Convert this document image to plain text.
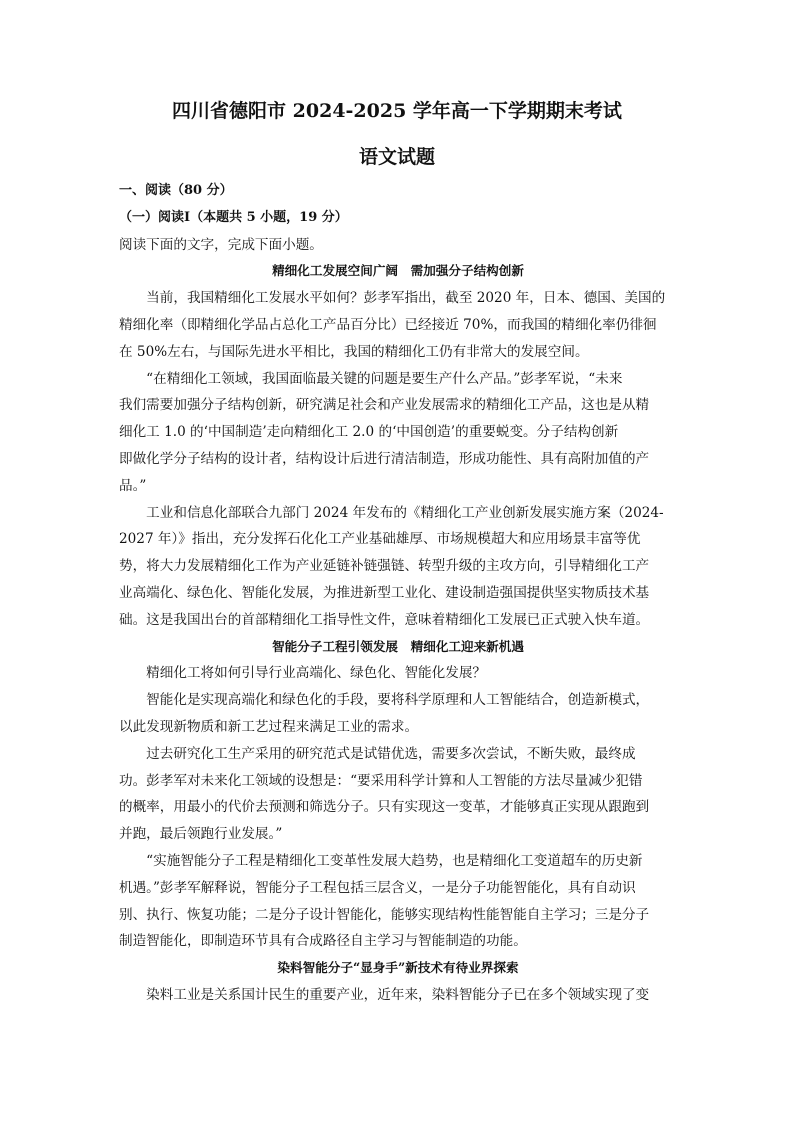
四川省德阳市 2024-2025 学年高一下学期期末考试
语文试题
一、阅读（80 分）
（一）阅读Ⅰ（本题共 5 小题，19 分）
阅读下面的文字，完成下面小题。
精细化工发展空间广阔　需加强分子结构创新
　　当前，我国精细化工发展水平如何？彭孝军指出，截至 2020 年，日本、德国、美国的
精细化率（即精细化学品占总化工产品百分比）已经接近 70%，而我国的精细化率仍徘徊
在 50%左右，与国际先进水平相比，我国的精细化工仍有非常大的发展空间。
　　“在精细化工领域，我国面临最关键的问题是要生产什么产品。”彭孝军说，“未来
我们需要加强分子结构创新，研究满足社会和产业发展需求的精细化工产品，这也是从精
细化工 1.0 的‘中国制造’走向精细化工 2.0 的‘中国创造’的重要蜕变。分子结构创新
即做化学分子结构的设计者，结构设计后进行清洁制造，形成功能性、具有高附加值的产
品。”
　　工业和信息化部联合九部门 2024 年发布的《精细化工产业创新发展实施方案（2024-
2027 年）》指出，充分发挥石化化工产业基础雄厚、市场规模超大和应用场景丰富等优
势，将大力发展精细化工作为产业延链补链强链、转型升级的主攻方向，引导精细化工产
业高端化、绿色化、智能化发展，为推进新型工业化、建设制造强国提供坚实物质技术基
础。这是我国出台的首部精细化工指导性文件，意味着精细化工发展已正式驶入快车道。
智能分子工程引领发展　精细化工迎来新机遇
　　精细化工将如何引导行业高端化、绿色化、智能化发展？
　　智能化是实现高端化和绿色化的手段，要将科学原理和人工智能结合，创造新模式，
以此发现新物质和新工艺过程来满足工业的需求。
　　过去研究化工生产采用的研究范式是试错优选，需要多次尝试，不断失败，最终成
功。彭孝军对未来化工领域的设想是：“要采用科学计算和人工智能的方法尽量减少犯错
的概率，用最小的代价去预测和筛选分子。只有实现这一变革，才能够真正实现从跟跑到
并跑，最后领跑行业发展。”
　　“实施智能分子工程是精细化工变革性发展大趋势，也是精细化工变道超车的历史新
机遇。”彭孝军解释说，智能分子工程包括三层含义，一是分子功能智能化，具有自动识
别、执行、恢复功能；二是分子设计智能化，能够实现结构性能智能自主学习；三是分子
制造智能化，即制造环节具有合成路径自主学习与智能制造的功能。
染料智能分子“显身手”新技术有待业界探索
　　染料工业是关系国计民生的重要产业，近年来，染料智能分子已在多个领域实现了变
